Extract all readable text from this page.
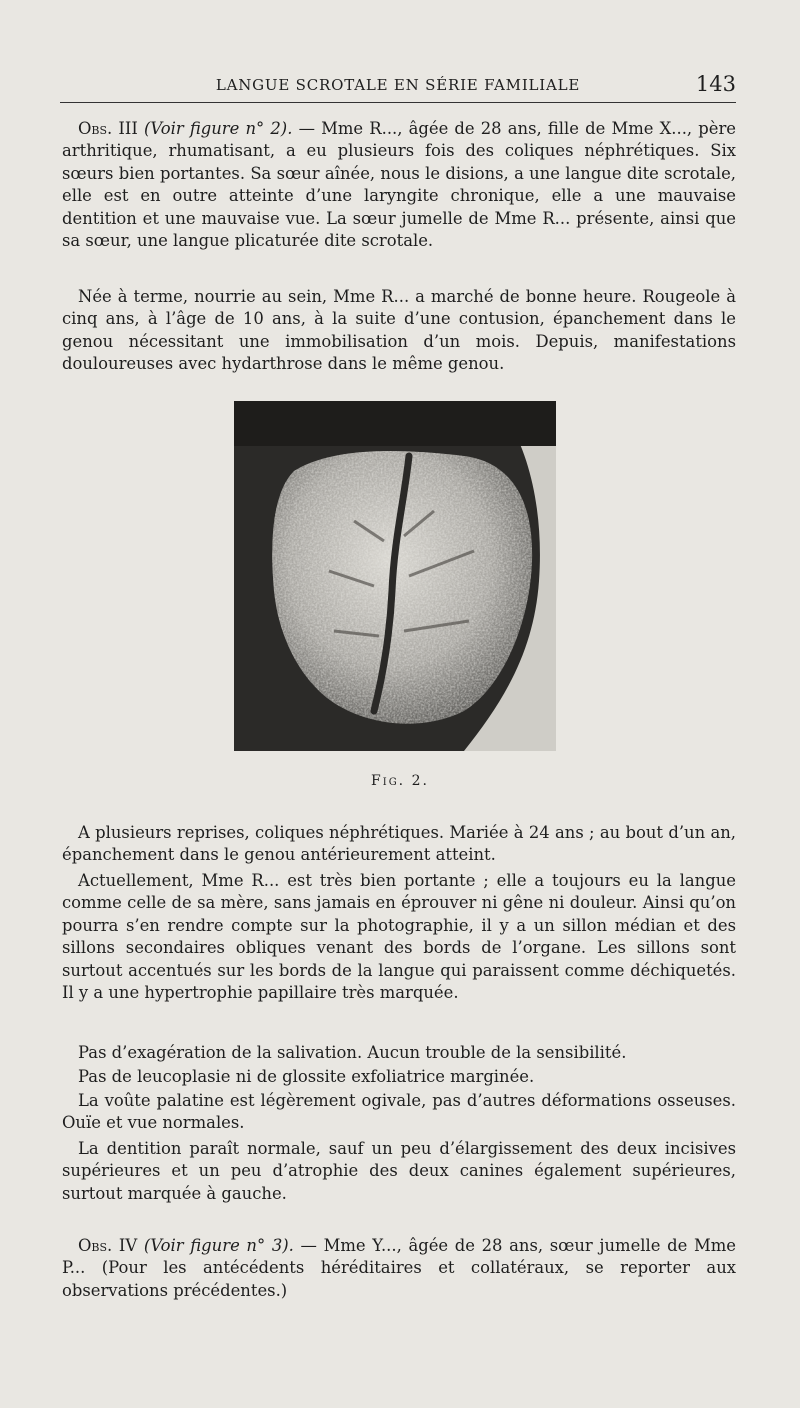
LANGUE SCROTALE EN SÉRIE FAMILIALE	143

Obs. III (Voir figure n° 2). — Mme R..., âgée de 28 ans, fille de Mme X..., père arthritique, rhumatisant, a eu plusieurs fois des coliques néphrétiques. Six sœurs bien portantes. Sa sœur aînée, nous le disions, a une langue dite scrotale, elle est en outre atteinte d’une laryngite chronique, elle a une mauvaise dentition et une mauvaise vue. La sœur jumelle de Mme R... présente, ainsi que sa sœur, une langue plicaturée dite scrotale.

Née à terme, nourrie au sein, Mme R... a marché de bonne heure. Rougeole à cinq ans, à l’âge de 10 ans, à la suite d’une contusion, épanchement dans le genou nécessitant une immobilisation d’un mois. Depuis, manifestations douloureuses avec hydarthrose dans le même genou.

Fig. 2.

A plusieurs reprises, coliques néphrétiques. Mariée à 24 ans ; au bout d’un an, épanchement dans le genou antérieurement atteint.

Actuellement, Mme R... est très bien portante ; elle a toujours eu la langue comme celle de sa mère, sans jamais en éprouver ni gêne ni douleur. Ainsi qu’on pourra s’en rendre compte sur la photographie, il y a un sillon médian et des sillons secondaires obliques venant des bords de l’organe. Les sillons sont surtout accentués sur les bords de la langue qui paraissent comme déchiquetés. Il y a une hypertrophie papillaire très marquée.

Pas d’exagération de la salivation. Aucun trouble de la sensibilité.

Pas de leucoplasie ni de glossite exfoliatrice marginée.

La voûte palatine est légèrement ogivale, pas d’autres déformations osseuses. Ouïe et vue normales.

La dentition paraît normale, sauf un peu d’élargissement des deux incisives supérieures et un peu d’atrophie des deux canines également supérieures, surtout marquée à gauche.

Obs. IV (Voir figure n° 3). — Mme Y..., âgée de 28 ans, sœur jumelle de Mme P... (Pour les antécédents héréditaires et collatéraux, se reporter aux observations précédentes.)
